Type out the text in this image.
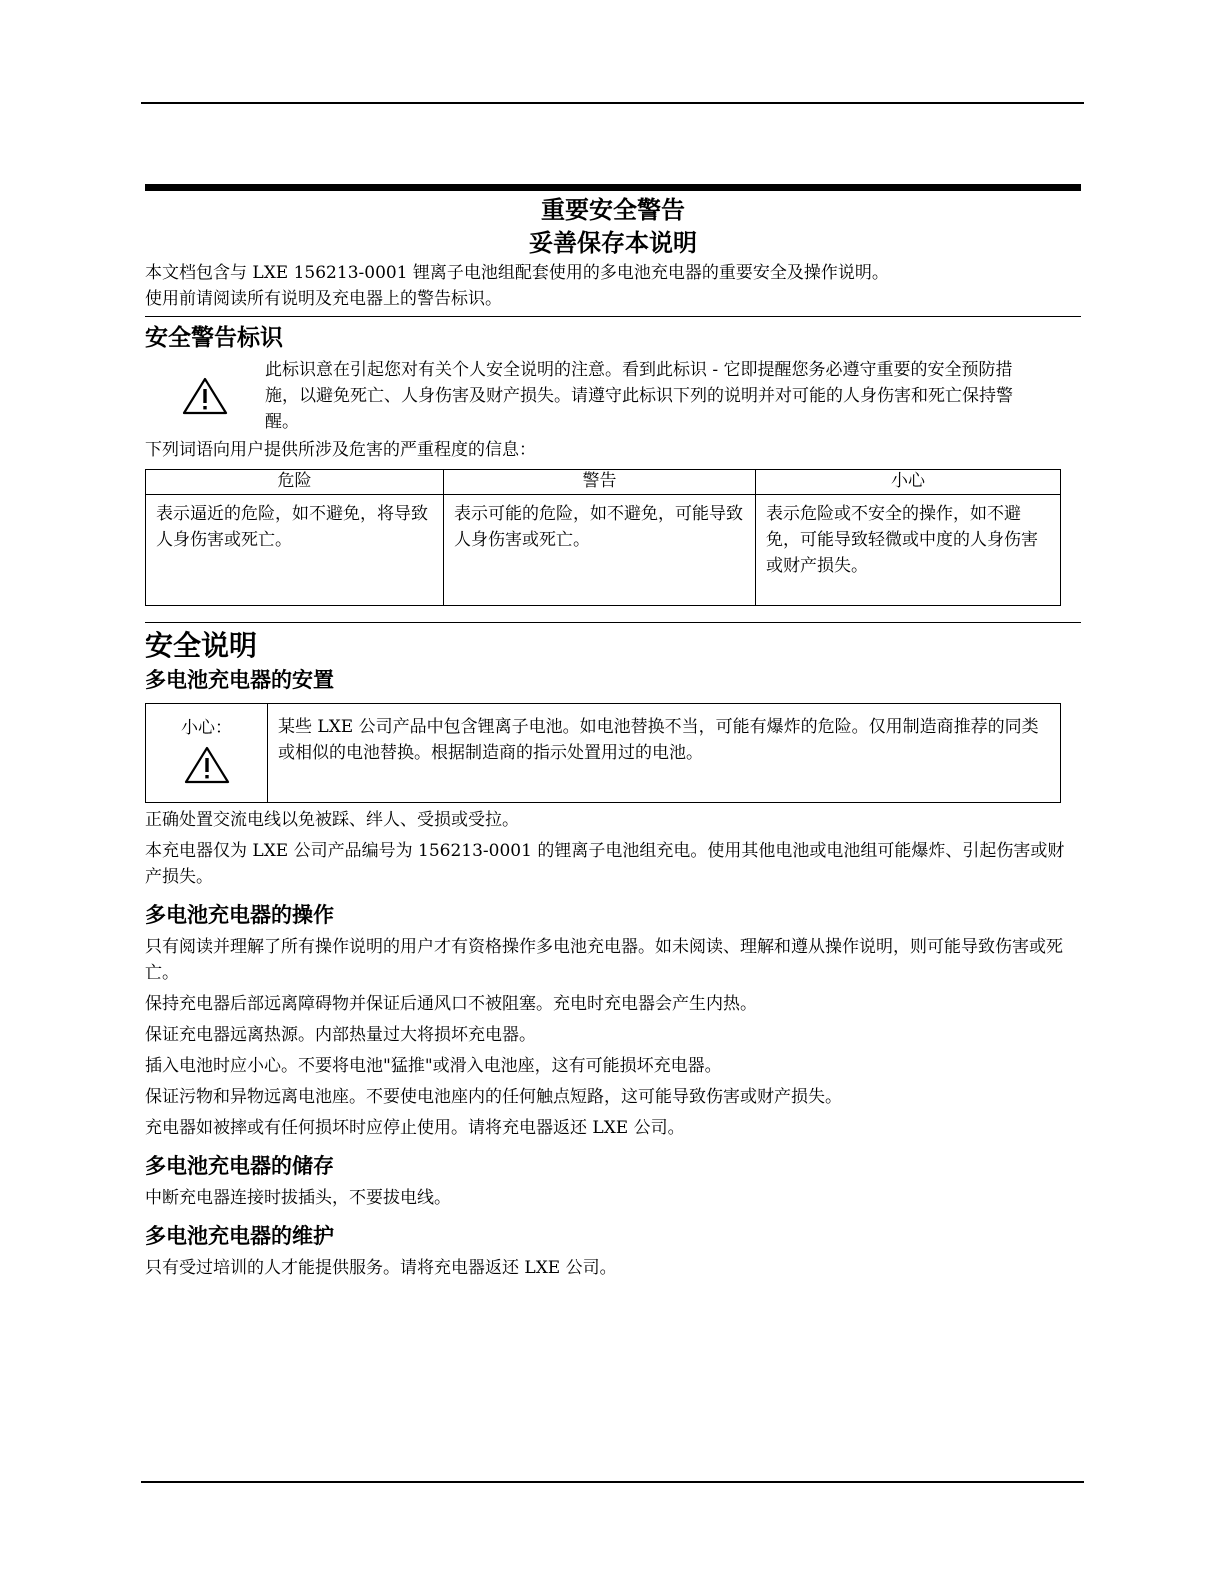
重要安全警告
妥善保存本说明

本文档包含与 LXE 156213-0001 锂离子电池组配套使用的多电池充电器的重要安全及操作说明。

使用前请阅读所有说明及充电器上的警告标识。

安全警告标识
此标识意在引起您对有关个人安全说明的注意。看到此标识 - 它即提醒您务必遵守重要的安全预防措施，以避免死亡、人身伤害及财产损失。请遵守此标识下列的说明并对可能的人身伤害和死亡保持警醒。

下列词语向用户提供所涉及危害的严重程度的信息：

危险	警告	小心
表示逼近的危险，如不避免，将导致人身伤害或死亡。	表示可能的危险，如不避免，可能导致人身伤害或死亡。	表示危险或不安全的操作，如不避免，可能导致轻微或中度的人身伤害或财产损失。
安全说明
多电池充电器的安置
小心：	某些 LXE 公司产品中包含锂离子电池。如电池替换不当，可能有爆炸的危险。仅用制造商推荐的同类或相似的电池替换。根据制造商的指示处置用过的电池。

正确处置交流电线以免被踩、绊人、受损或受拉。

本充电器仅为 LXE 公司产品编号为 156213-0001 的锂离子电池组充电。使用其他电池或电池组可能爆炸、引起伤害或财产损失。

多电池充电器的操作

只有阅读并理解了所有操作说明的用户才有资格操作多电池充电器。如未阅读、理解和遵从操作说明，则可能导致伤害或死亡。

保持充电器后部远离障碍物并保证后通风口不被阻塞。充电时充电器会产生内热。

保证充电器远离热源。内部热量过大将损坏充电器。

插入电池时应小心。不要将电池"猛推"或滑入电池座，这有可能损坏充电器。

保证污物和异物远离电池座。不要使电池座内的任何触点短路，这可能导致伤害或财产损失。

充电器如被摔或有任何损坏时应停止使用。请将充电器返还 LXE 公司。

多电池充电器的储存

中断充电器连接时拔插头，不要拔电线。

多电池充电器的维护

只有受过培训的人才能提供服务。请将充电器返还 LXE 公司。
